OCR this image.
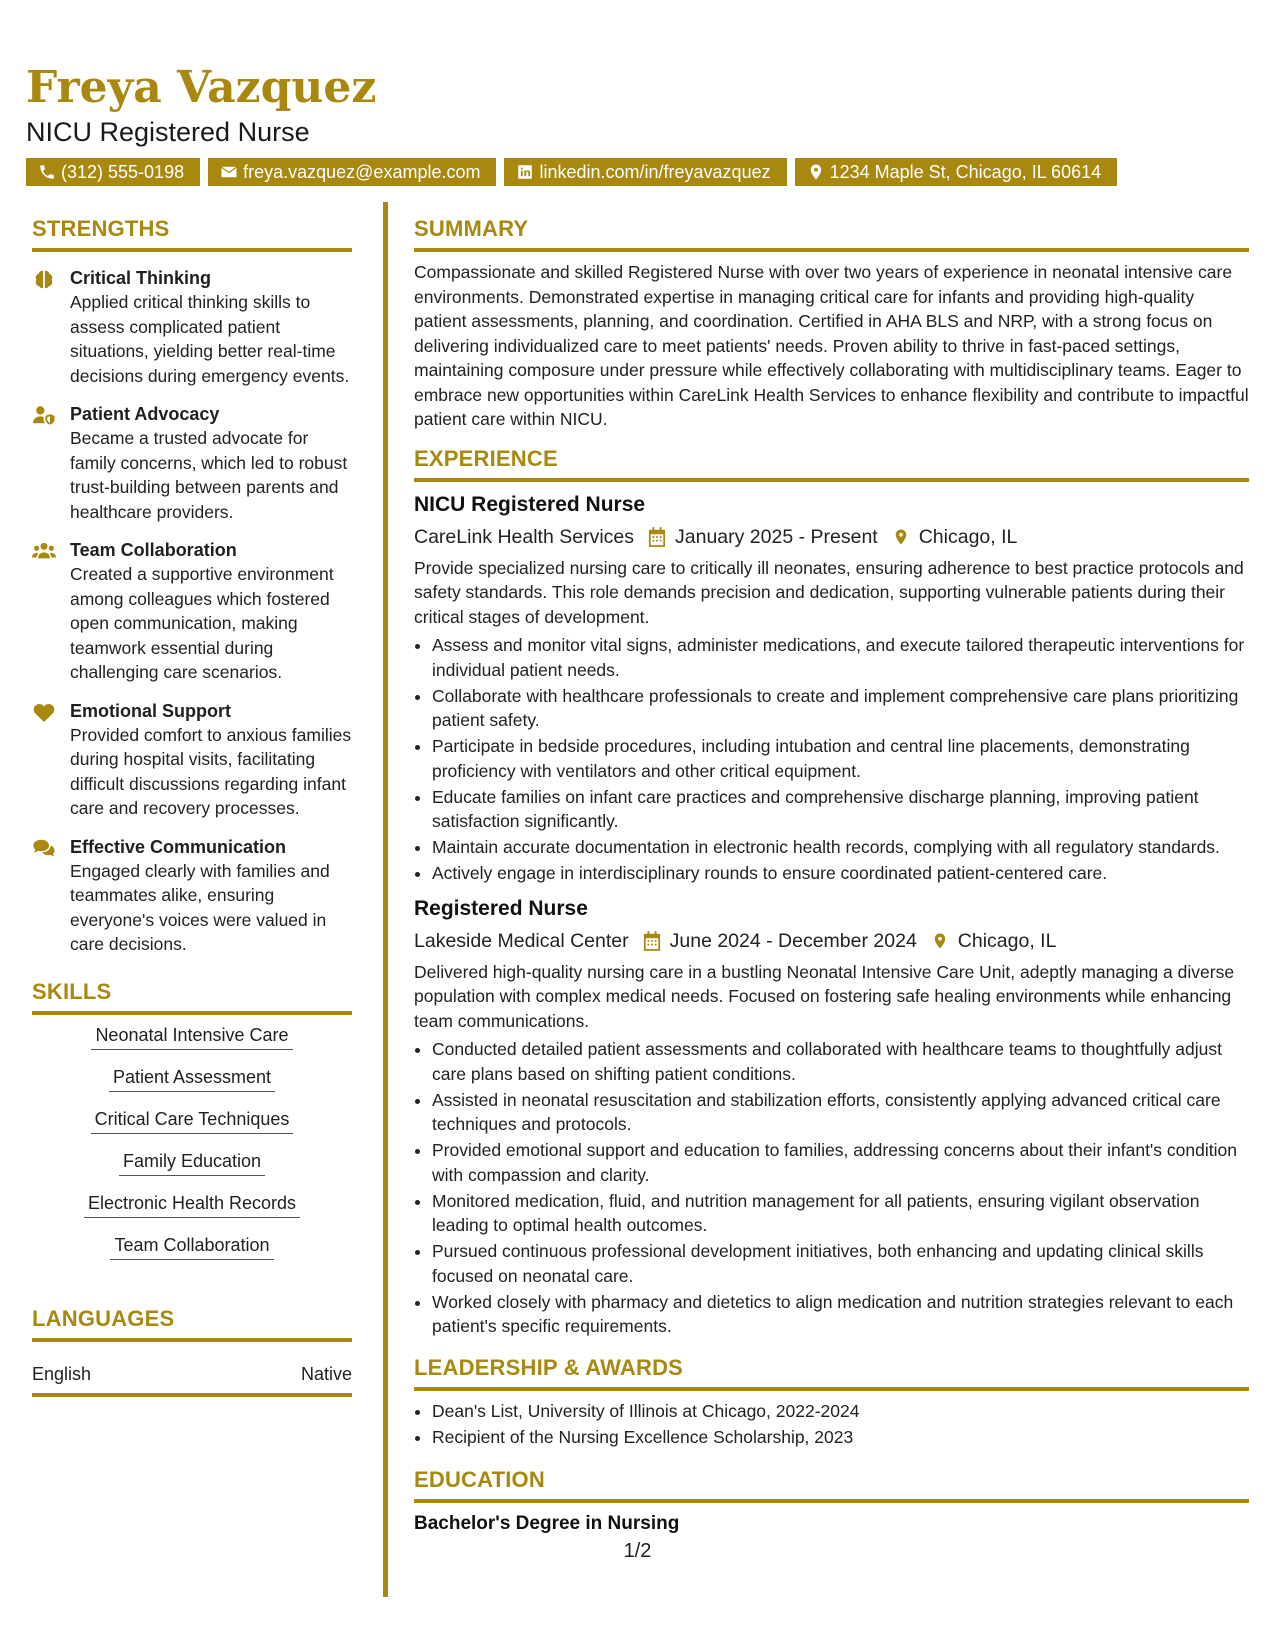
Freya Vazquez
NICU Registered Nurse
(312) 555-0198	freya.vazquez@example.com	linkedin.com/in/freyavazquez	1234 Maple St, Chicago, IL 60614
STRENGTHS
Critical Thinking
Applied critical thinking skills to assess complicated patient situations, yielding better real-time decisions during emergency events.
Patient Advocacy
Became a trusted advocate for family concerns, which led to robust trust-building between parents and healthcare providers.
Team Collaboration
Created a supportive environment among colleagues which fostered open communication, making teamwork essential during challenging care scenarios.
Emotional Support
Provided comfort to anxious families during hospital visits, facilitating difficult discussions regarding infant care and recovery processes.
Effective Communication
Engaged clearly with families and teammates alike, ensuring everyone's voices were valued in care decisions.
SKILLS
Neonatal Intensive Care
Patient Assessment
Critical Care Techniques
Family Education
Electronic Health Records
Team Collaboration
LANGUAGES
English	Native
SUMMARY

Compassionate and skilled Registered Nurse with over two years of experience in neonatal intensive care environments. Demonstrated expertise in managing critical care for infants and providing high-quality patient assessments, planning, and coordination. Certified in AHA BLS and NRP, with a strong focus on delivering individualized care to meet patients' needs. Proven ability to thrive in fast-paced settings, maintaining composure under pressure while effectively collaborating with multidisciplinary teams. Eager to embrace new opportunities within CareLink Health Services to enhance flexibility and contribute to impactful patient care within NICU.

EXPERIENCE
NICU Registered Nurse
CareLink Health Services January 2025 - Present Chicago, IL

Provide specialized nursing care to critically ill neonates, ensuring adherence to best practice protocols and safety standards. This role demands precision and dedication, supporting vulnerable patients during their critical stages of development.

• Assess and monitor vital signs, administer medications, and execute tailored therapeutic interventions for individual patient needs.
• Collaborate with healthcare professionals to create and implement comprehensive care plans prioritizing patient safety.
• Participate in bedside procedures, including intubation and central line placements, demonstrating proficiency with ventilators and other critical equipment.
• Educate families on infant care practices and comprehensive discharge planning, improving patient satisfaction significantly.
• Maintain accurate documentation in electronic health records, complying with all regulatory standards.
• Actively engage in interdisciplinary rounds to ensure coordinated patient-centered care.
Registered Nurse
Lakeside Medical Center June 2024 - December 2024 Chicago, IL

Delivered high-quality nursing care in a bustling Neonatal Intensive Care Unit, adeptly managing a diverse population with complex medical needs. Focused on fostering safe healing environments while enhancing team communications.

• Conducted detailed patient assessments and collaborated with healthcare teams to thoughtfully adjust care plans based on shifting patient conditions.
• Assisted in neonatal resuscitation and stabilization efforts, consistently applying advanced critical care techniques and protocols.
• Provided emotional support and education to families, addressing concerns about their infant's condition with compassion and clarity.
• Monitored medication, fluid, and nutrition management for all patients, ensuring vigilant observation leading to optimal health outcomes.
• Pursued continuous professional development initiatives, both enhancing and updating clinical skills focused on neonatal care.
• Worked closely with pharmacy and dietetics to align medication and nutrition strategies relevant to each patient's specific requirements.
LEADERSHIP & AWARDS
• Dean's List, University of Illinois at Chicago, 2022-2024
• Recipient of the Nursing Excellence Scholarship, 2023
EDUCATION
Bachelor's Degree in Nursing
1/2
